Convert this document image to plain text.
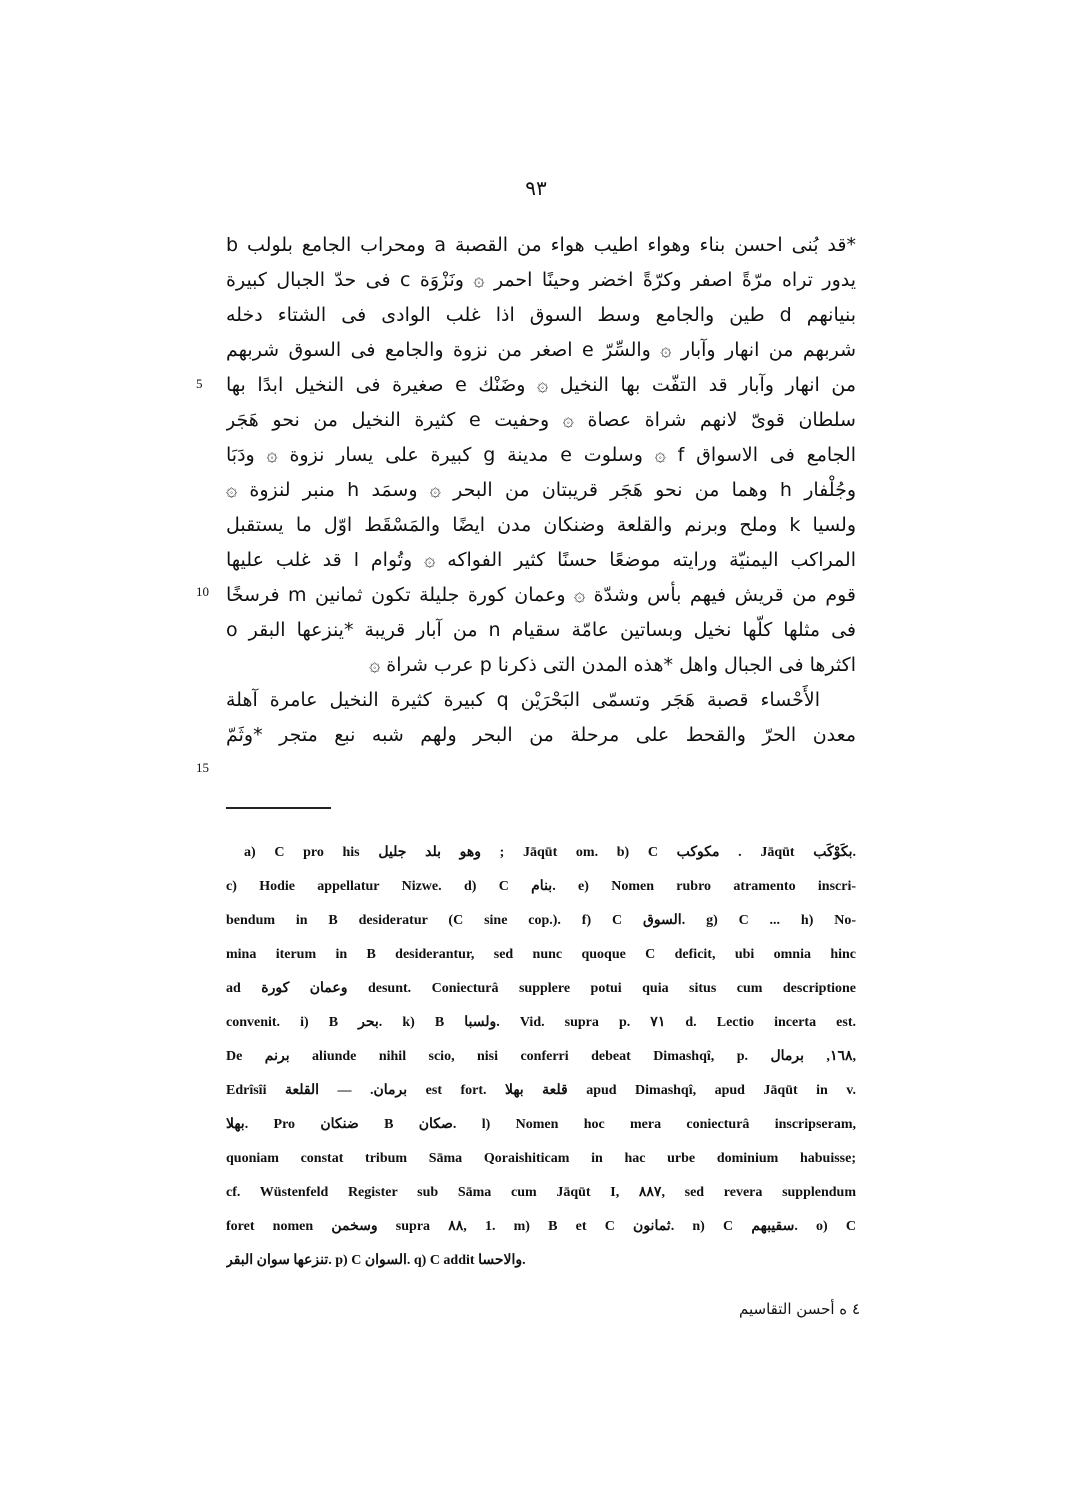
٩٣
*قد بُنى احسن بناء وهواء اطيب هواء من القصبة a ومحراب الجامع بلولب b
يدور تراه مرّةً اصفر وكرّةً اخضر وحينًا احمر ۞ ونَزْوَة c فى حدّ الجبال كبيرة
بنيانهم d طين والجامع وسط السوق اذا غلب الوادى فى الشتاء دخله
شربهم من انهار وآبار ۞ والسِّرّ e اصغر من نزوة والجامع فى السوق شربهم
من انهار وآبار قد التفّت بها النخيل ۞ وضَنْك e صغيرة فى النخيل ابدًا بها
سلطان قوىّ لانهم شراة عصاة ۞ وحفيت e كثيرة النخيل من نحو هَجَر
الجامع فى الاسواق f ۞ وسلوت e مدينة g كبيرة على يسار نزوة ۞ ودَبَا
وجُلْفار h وهما من نحو هَجَر قريبتان من البحر ۞ وسمَد h منبر لنزوة ۞
ولسيا k وملح وبرنم والقلعة وضنكان مدن ايضًا والمَسْقَط اوّل ما يستقبل
المراكب اليمنيّة ورايته موضعًا حسنًا كثير الفواكه ۞ وتُوام l قد غلب عليها
قوم من قريش فيهم بأس وشدّة ۞ وعمان كورة جليلة تكون ثمانين m فرسخًا
فى مثلها كلّها نخيل وبساتين عامّة سقيام n من آبار قريبة *ينزعها البقر o
اكثرها فى الجبال واهل *هذه المدن التى ذكرنا p عرب شراة ۞
الأَحْساء قصبة هَجَر وتسمّى البَحْرَيْن q كبيرة كثيرة النخيل عامرة آهلة
معدن الحرّ والقحط على مرحلة من البحر ولهم شبه نبع متجر *وثَمّ
5
10
15
a) C pro his وهو بلد جليل ; Jāqūt om. b) C مكوكب . Jāqūt بكَوْكَب.
c) Hodie appellatur Nizwe. d) C بنام. e) Nomen rubro atramento inscri-
bendum in B desideratur (C sine cop.). f) C السوق. g) C ... h) No-
mina iterum in B desiderantur, sed nunc quoque C deficit, ubi omnia hinc
ad وعمان كورة desunt. Coniecturâ supplere potui quia situs cum descriptione
convenit. i) B بحر. k) B ولسبا. Vid. supra p. ٧١ d. Lectio incerta est.
De برنم aliunde nihil scio, nisi conferri debeat Dimashqî, p. ١٦٨, برمال,
Edrîsîi برمان. — القلعة est fort. قلعة بهلا apud Dimashqî, apud Jāqūt in v.
بهلا. Pro ضنكان B صكان. l) Nomen hoc mera coniecturâ inscripseram,
quoniam constat tribum Sāma Qoraishiticam in hac urbe dominium habuisse;
cf. Wüstenfeld Register sub Sāma cum Jāqūt I, ٨٨٧, sed revera supplendum
foret nomen وسخمن supra ٨٨, 1. m) B et C ثمانون. n) C سقيبهم. o) C
تنزعها سوان البقر. p) C السوان. q) C addit والاحسا.
٤ ه أحسن التقاسيم
